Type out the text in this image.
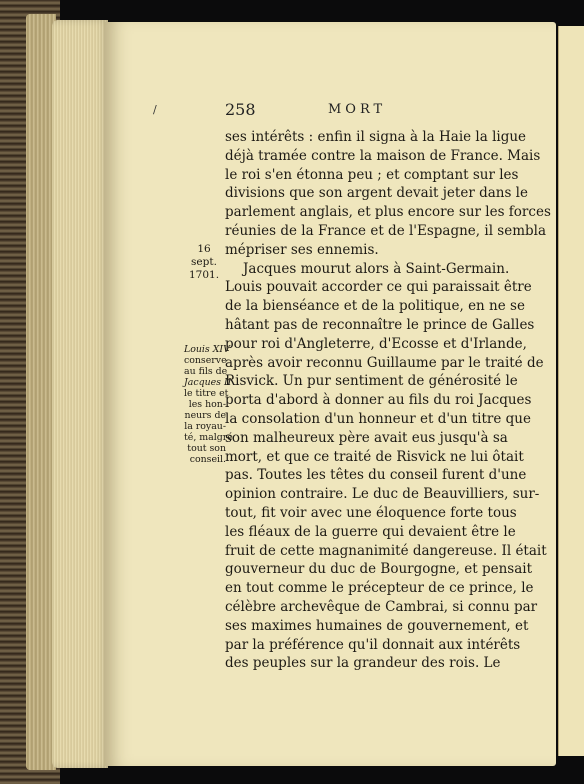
/	258	MORT
16 sept.
1701.
Louis XIV
conserve
au fils de
Jacques II
le titre et
les hon-
neurs de
la royau-
té, malgré
tout son
conseil.
ses intérêts : enfin il signa à la Haie la ligue
déjà tramée contre la maison de France. Mais
le roi s'en étonna peu ; et comptant sur les
divisions que son argent devait jeter dans le
parlement anglais, et plus encore sur les forces
réunies de la France et de l'Espagne, il sembla
mépriser ses ennemis.
Jacques mourut alors à Saint-Germain.
Louis pouvait accorder ce qui paraissait être
de la bienséance et de la politique, en ne se
hâtant pas de reconnaître le prince de Galles
pour roi d'Angleterre, d'Ecosse et d'Irlande,
après avoir reconnu Guillaume par le traité de
Risvick. Un pur sentiment de générosité le
porta d'abord à donner au fils du roi Jacques
la consolation d'un honneur et d'un titre que
son malheureux père avait eus jusqu'à sa
mort, et que ce traité de Risvick ne lui ôtait
pas. Toutes les têtes du conseil furent d'une
opinion contraire. Le duc de Beauvilliers, sur-
tout, fit voir avec une éloquence forte tous
les fléaux de la guerre qui devaient être le
fruit de cette magnanimité dangereuse. Il était
gouverneur du duc de Bourgogne, et pensait
en tout comme le précepteur de ce prince, le
célèbre archevêque de Cambrai, si connu par
ses maximes humaines de gouvernement, et
par la préférence qu'il donnait aux intérêts
des peuples sur la grandeur des rois. Le
